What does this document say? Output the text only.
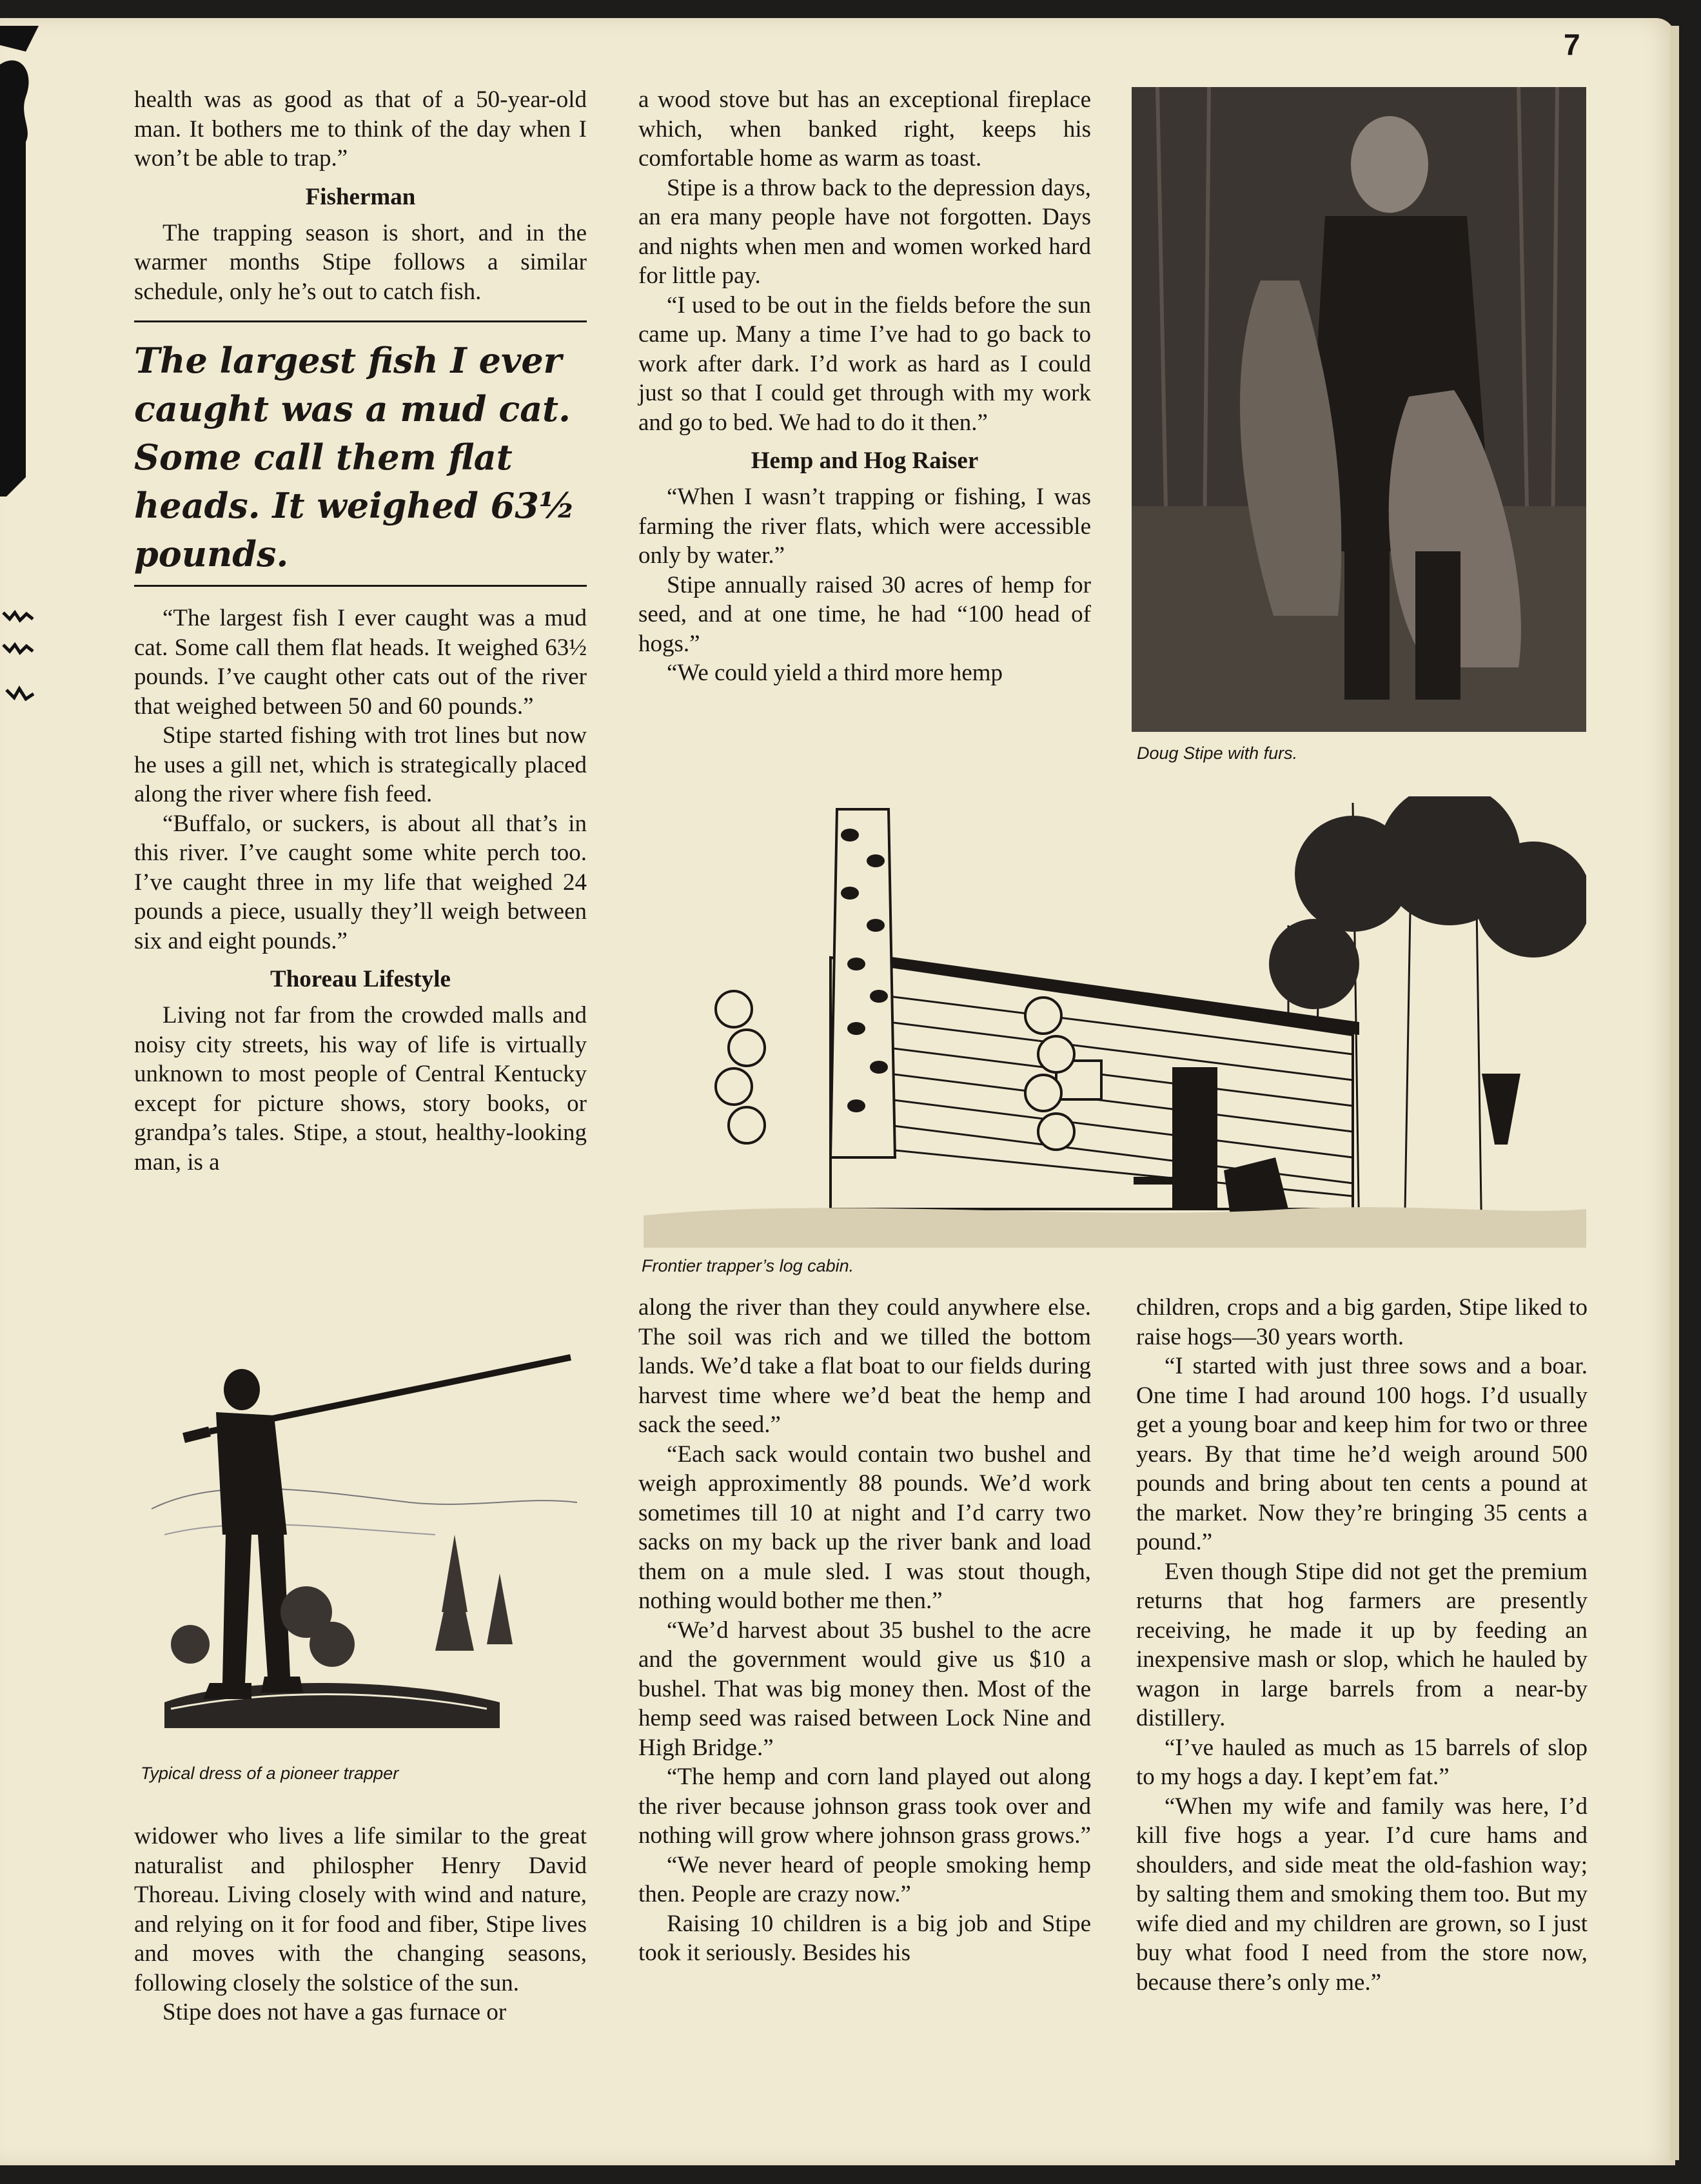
7

health was as good as that of a 50-year-old man. It bothers me to think of the day when I won’t be able to trap.”

Fisherman

The trapping season is short, and in the warmer months Stipe follows a similar schedule, only he’s out to catch fish.

The largest fish I ever caught was a mud cat. Some call them flat heads. It weighed 63½ pounds.

“The largest fish I ever caught was a mud cat. Some call them flat heads. It weighed 63½ pounds. I’ve caught other cats out of the river that weighed between 50 and 60 pounds.”

Stipe started fishing with trot lines but now he uses a gill net, which is strategically placed along the river where fish feed.

“Buffalo, or suckers, is about all that’s in this river. I’ve caught some white perch too. I’ve caught three in my life that weighed 24 pounds a piece, usually they’ll weigh between six and eight pounds.”

Thoreau Lifestyle

Living not far from the crowded malls and noisy city streets, his way of life is virtually unknown to most people of Central Kentucky except for picture shows, story books, or grandpa’s tales. Stipe, a stout, healthy-looking man, is a

Typical dress of a pioneer trapper

widower who lives a life similar to the great naturalist and philospher Henry David Thoreau. Living closely with wind and nature, and relying on it for food and fiber, Stipe lives and moves with the changing seasons, following closely the solstice of the sun.

Stipe does not have a gas furnace or

a wood stove but has an exceptional fireplace which, when banked right, keeps his comfortable home as warm as toast.

Stipe is a throw back to the depression days, an era many people have not forgotten. Days and nights when men and women worked hard for little pay.

“I used to be out in the fields before the sun came up. Many a time I’ve had to go back to work after dark. I’d work as hard as I could just so that I could get through with my work and go to bed. We had to do it then.”

Hemp and Hog Raiser

“When I wasn’t trapping or fishing, I was farming the river flats, which were accessible only by water.”

Stipe annually raised 30 acres of hemp for seed, and at one time, he had “100 head of hogs.”

“We could yield a third more hemp

Doug Stipe with furs.
Frontier trapper’s log cabin.

along the river than they could anywhere else. The soil was rich and we tilled the bottom lands. We’d take a flat boat to our fields during harvest time where we’d beat the hemp and sack the seed.”

“Each sack would contain two bushel and weigh approximently 88 pounds. We’d work sometimes till 10 at night and I’d carry two sacks on my back up the river bank and load them on a mule sled. I was stout though, nothing would bother me then.”

“We’d harvest about 35 bushel to the acre and the government would give us $10 a bushel. That was big money then. Most of the hemp seed was raised between Lock Nine and High Bridge.”

“The hemp and corn land played out along the river because johnson grass took over and nothing will grow where johnson grass grows.”

“We never heard of people smoking hemp then. People are crazy now.”

Raising 10 children is a big job and Stipe took it seriously. Besides his

children, crops and a big garden, Stipe liked to raise hogs—30 years worth.

“I started with just three sows and a boar. One time I had around 100 hogs. I’d usually get a young boar and keep him for two or three years. By that time he’d weigh around 500 pounds and bring about ten cents a pound at the market. Now they’re bringing 35 cents a pound.”

Even though Stipe did not get the premium returns that hog farmers are presently receiving, he made it up by feeding an inexpensive mash or slop, which he hauled by wagon in large barrels from a near-by distillery.

“I’ve hauled as much as 15 barrels of slop to my hogs a day. I kept’em fat.”

“When my wife and family was here, I’d kill five hogs a year. I’d cure hams and shoulders, and side meat the old-fashion way; by salting them and smoking them too. But my wife died and my children are grown, so I just buy what food I need from the store now, because there’s only me.”
